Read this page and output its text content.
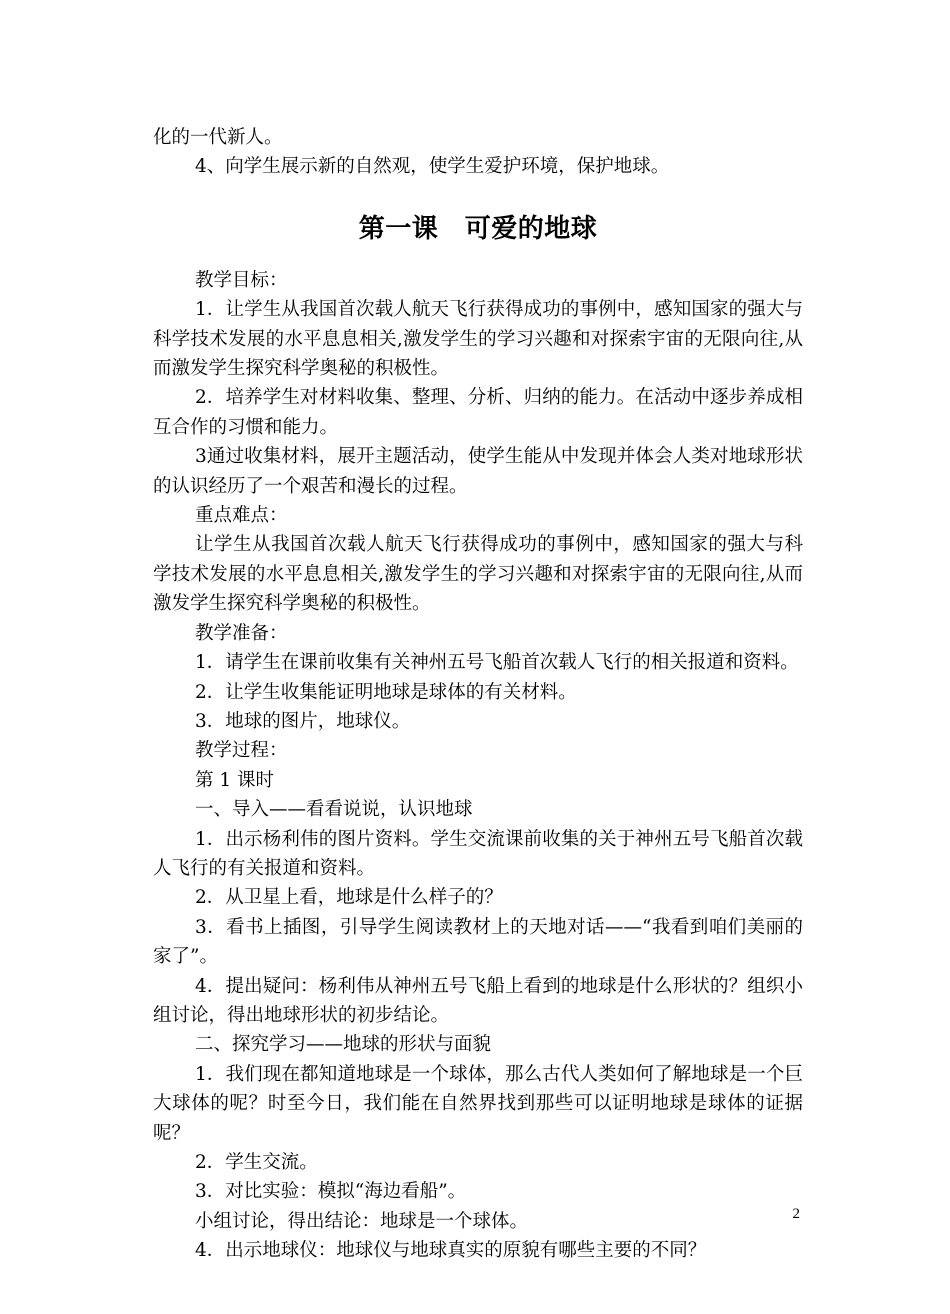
化的一代新人。

4、向学生展示新的自然观，使学生爱护环境，保护地球。

第一课　可爱的地球

教学目标：

1．让学生从我国首次载人航天飞行获得成功的事例中，感知国家的强大与科学技术发展的水平息息相关,激发学生的学习兴趣和对探索宇宙的无限向往,从而激发学生探究科学奥秘的积极性。

2．培养学生对材料收集、整理、分析、归纳的能力。在活动中逐步养成相互合作的习惯和能力。

3通过收集材料，展开主题活动，使学生能从中发现并体会人类对地球形状的认识经历了一个艰苦和漫长的过程。

重点难点：

让学生从我国首次载人航天飞行获得成功的事例中，感知国家的强大与科学技术发展的水平息息相关,激发学生的学习兴趣和对探索宇宙的无限向往,从而激发学生探究科学奥秘的积极性。

教学准备：

1．请学生在课前收集有关神州五号飞船首次载人飞行的相关报道和资料。

2．让学生收集能证明地球是球体的有关材料。

3．地球的图片，地球仪。

教学过程：

第 1 课时

一、导入——看看说说，认识地球

1．出示杨利伟的图片资料。学生交流课前收集的关于神州五号飞船首次载人飞行的有关报道和资料。

2．从卫星上看，地球是什么样子的？

3．看书上插图，引导学生阅读教材上的天地对话——“我看到咱们美丽的家了”。

4．提出疑问：杨利伟从神州五号飞船上看到的地球是什么形状的？组织小组讨论，得出地球形状的初步结论。

二、探究学习——地球的形状与面貌

1．我们现在都知道地球是一个球体，那么古代人类如何了解地球是一个巨大球体的呢？时至今日，我们能在自然界找到那些可以证明地球是球体的证据呢？

2．学生交流。

3．对比实验：模拟“海边看船”。

小组讨论，得出结论：地球是一个球体。

4．出示地球仪：地球仪与地球真实的原貌有哪些主要的不同？

2
